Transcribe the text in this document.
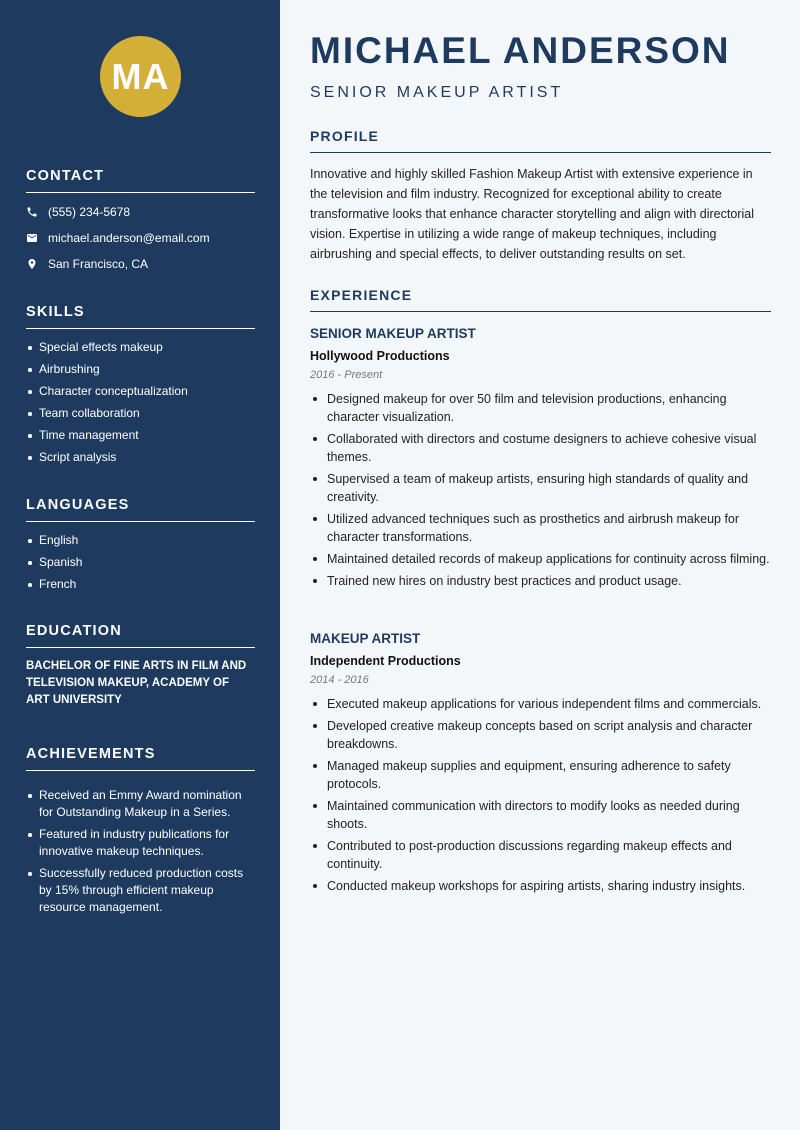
MA
CONTACT
(555) 234-5678
michael.anderson@email.com
San Francisco, CA
SKILLS
Special effects makeup
Airbrushing
Character conceptualization
Team collaboration
Time management
Script analysis
LANGUAGES
English
Spanish
French
EDUCATION
BACHELOR OF FINE ARTS IN FILM AND TELEVISION MAKEUP, ACADEMY OF ART UNIVERSITY
ACHIEVEMENTS
Received an Emmy Award nomination for Outstanding Makeup in a Series.
Featured in industry publications for innovative makeup techniques.
Successfully reduced production costs by 15% through efficient makeup resource management.
MICHAEL ANDERSON
SENIOR MAKEUP ARTIST
PROFILE
Innovative and highly skilled Fashion Makeup Artist with extensive experience in the television and film industry. Recognized for exceptional ability to create transformative looks that enhance character storytelling and align with directorial vision. Expertise in utilizing a wide range of makeup techniques, including airbrushing and special effects, to deliver outstanding results on set.
EXPERIENCE
SENIOR MAKEUP ARTIST
Hollywood Productions
2016 - Present
Designed makeup for over 50 film and television productions, enhancing character visualization.
Collaborated with directors and costume designers to achieve cohesive visual themes.
Supervised a team of makeup artists, ensuring high standards of quality and creativity.
Utilized advanced techniques such as prosthetics and airbrush makeup for character transformations.
Maintained detailed records of makeup applications for continuity across filming.
Trained new hires on industry best practices and product usage.
MAKEUP ARTIST
Independent Productions
2014 - 2016
Executed makeup applications for various independent films and commercials.
Developed creative makeup concepts based on script analysis and character breakdowns.
Managed makeup supplies and equipment, ensuring adherence to safety protocols.
Maintained communication with directors to modify looks as needed during shoots.
Contributed to post-production discussions regarding makeup effects and continuity.
Conducted makeup workshops for aspiring artists, sharing industry insights.
